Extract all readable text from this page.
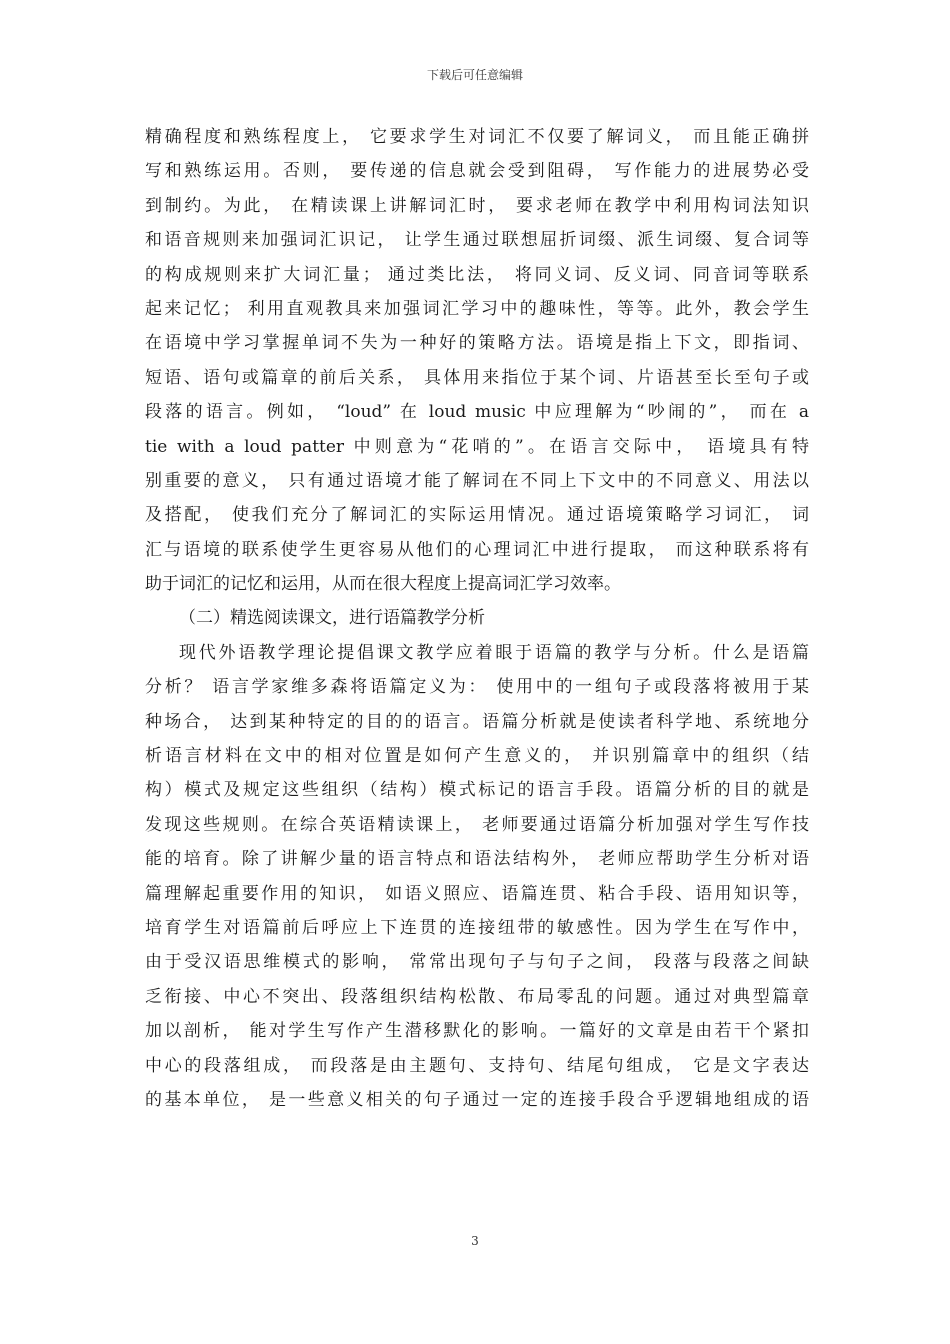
下载后可任意编辑
精确程度和熟练程度上， 它要求学生对词汇不仅要了解词义， 而且能正确拼
写和熟练运用。否则， 要传递的信息就会受到阻碍， 写作能力的进展势必受
到制约。为此， 在精读课上讲解词汇时， 要求老师在教学中利用构词法知识
和语音规则来加强词汇识记， 让学生通过联想屈折词缀、派生词缀、复合词等
的构成规则来扩大词汇量； 通过类比法， 将同义词、反义词、同音词等联系
起来记忆； 利用直观教具来加强词汇学习中的趣味性，等等。此外，教会学生
在语境中学习掌握单词不失为一种好的策略方法。语境是指上下文，即指词、
短语、语句或篇章的前后关系， 具体用来指位于某个词、片语甚至长至句子或
段落的语言。例如， “loud” 在 loud music 中应理解为“吵闹的”， 而在 a
tie with a loud patter 中则意为“花哨的”。在语言交际中， 语境具有特
别重要的意义， 只有通过语境才能了解词在不同上下文中的不同意义、用法以
及搭配， 使我们充分了解词汇的实际运用情况。通过语境策略学习词汇， 词
汇与语境的联系使学生更容易从他们的心理词汇中进行提取， 而这种联系将有
助于词汇的记忆和运用，从而在很大程度上提高词汇学习效率。
（二）精选阅读课文，进行语篇教学分析
现代外语教学理论提倡课文教学应着眼于语篇的教学与分析。什么是语篇
分析？ 语言学家维多森将语篇定义为： 使用中的一组句子或段落将被用于某
种场合， 达到某种特定的目的的语言。语篇分析就是使读者科学地、系统地分
析语言材料在文中的相对位置是如何产生意义的， 并识别篇章中的组织（结
构）模式及规定这些组织（结构）模式标记的语言手段。语篇分析的目的就是
发现这些规则。在综合英语精读课上， 老师要通过语篇分析加强对学生写作技
能的培育。除了讲解少量的语言特点和语法结构外， 老师应帮助学生分析对语
篇理解起重要作用的知识， 如语义照应、语篇连贯、粘合手段、语用知识等，
培育学生对语篇前后呼应上下连贯的连接纽带的敏感性。因为学生在写作中，
由于受汉语思维模式的影响， 常常出现句子与句子之间， 段落与段落之间缺
乏衔接、中心不突出、段落组织结构松散、布局零乱的问题。通过对典型篇章
加以剖析， 能对学生写作产生潜移默化的影响。一篇好的文章是由若干个紧扣
中心的段落组成， 而段落是由主题句、支持句、结尾句组成， 它是文字表达
的基本单位， 是一些意义相关的句子通过一定的连接手段合乎逻辑地组成的语
3
